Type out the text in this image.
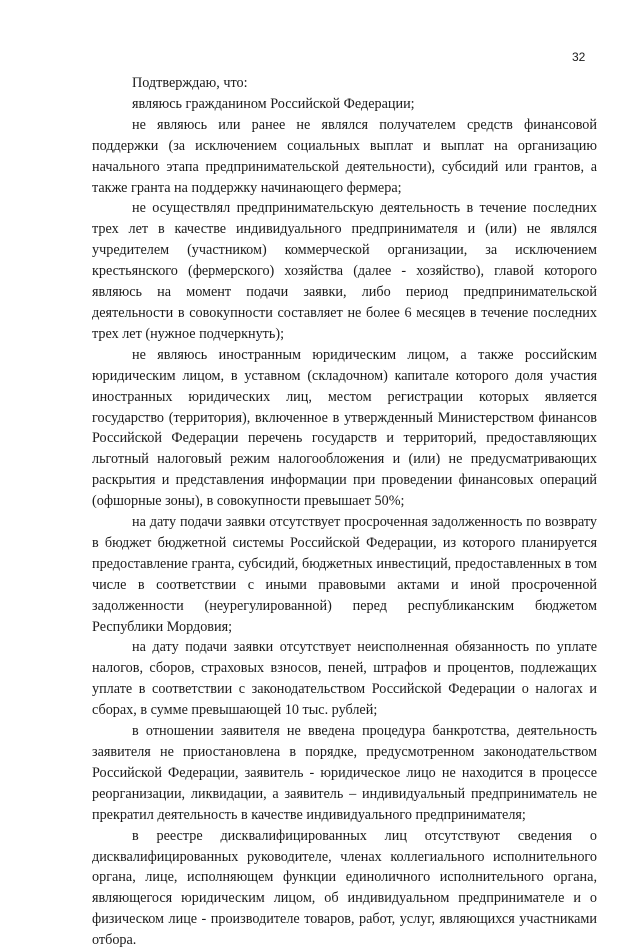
32

Подтверждаю, что:

являюсь гражданином Российской Федерации;

не являюсь или ранее не являлся получателем средств финансовой поддержки (за исключением социальных выплат и выплат на организацию начального этапа предпринимательской деятельности), субсидий или грантов, а также гранта на поддержку начинающего фермера;

не осуществлял предпринимательскую деятельность в течение последних трех лет в качестве индивидуального предпринимателя и (или) не являлся учредителем (участником) коммерческой организации, за исключением крестьянского (фермерского) хозяйства (далее - хозяйство), главой которого являюсь на момент подачи заявки, либо период предпринимательской деятельности в совокупности составляет не более 6 месяцев в течение последних трех лет (нужное подчеркнуть);

не являюсь иностранным юридическим лицом, а также российским юридическим лицом, в уставном (складочном) капитале которого доля участия иностранных юридических лиц, местом регистрации которых является государство (территория), включенное в утвержденный Министерством финансов Российской Федерации перечень государств и территорий, предоставляющих льготный налоговый режим налогообложения и (или) не предусматривающих раскрытия и представления информации при проведении финансовых операций (офшорные зоны), в совокупности превышает 50%;

на дату подачи заявки отсутствует просроченная задолженность по возврату в бюджет бюджетной системы Российской Федерации, из которого планируется предоставление гранта, субсидий, бюджетных инвестиций, предоставленных в том числе в соответствии с иными правовыми актами и иной просроченной задолженности (неурегулированной) перед республиканским бюджетом Республики Мордовия;

на дату подачи заявки отсутствует неисполненная обязанность по уплате налогов, сборов, страховых взносов, пеней, штрафов и процентов, подлежащих уплате в соответствии с законодательством Российской Федерации о налогах и сборах, в сумме превышающей 10 тыс. рублей;

в отношении заявителя не введена процедура банкротства, деятельность заявителя не приостановлена в порядке, предусмотренном законодательством Российской Федерации, заявитель - юридическое лицо не находится в процессе реорганизации, ликвидации, а заявитель – индивидуальный предприниматель не прекратил деятельность в качестве индивидуального предпринимателя;

в реестре дисквалифицированных лиц отсутствуют сведения о дисквалифицированных руководителе, членах коллегиального исполнительного органа, лице, исполняющем функции единоличного исполнительного органа, являющегося юридическим лицом, об индивидуальном предпринимателе и о физическом лице - производителе товаров, работ, услуг, являющихся участниками отбора.
